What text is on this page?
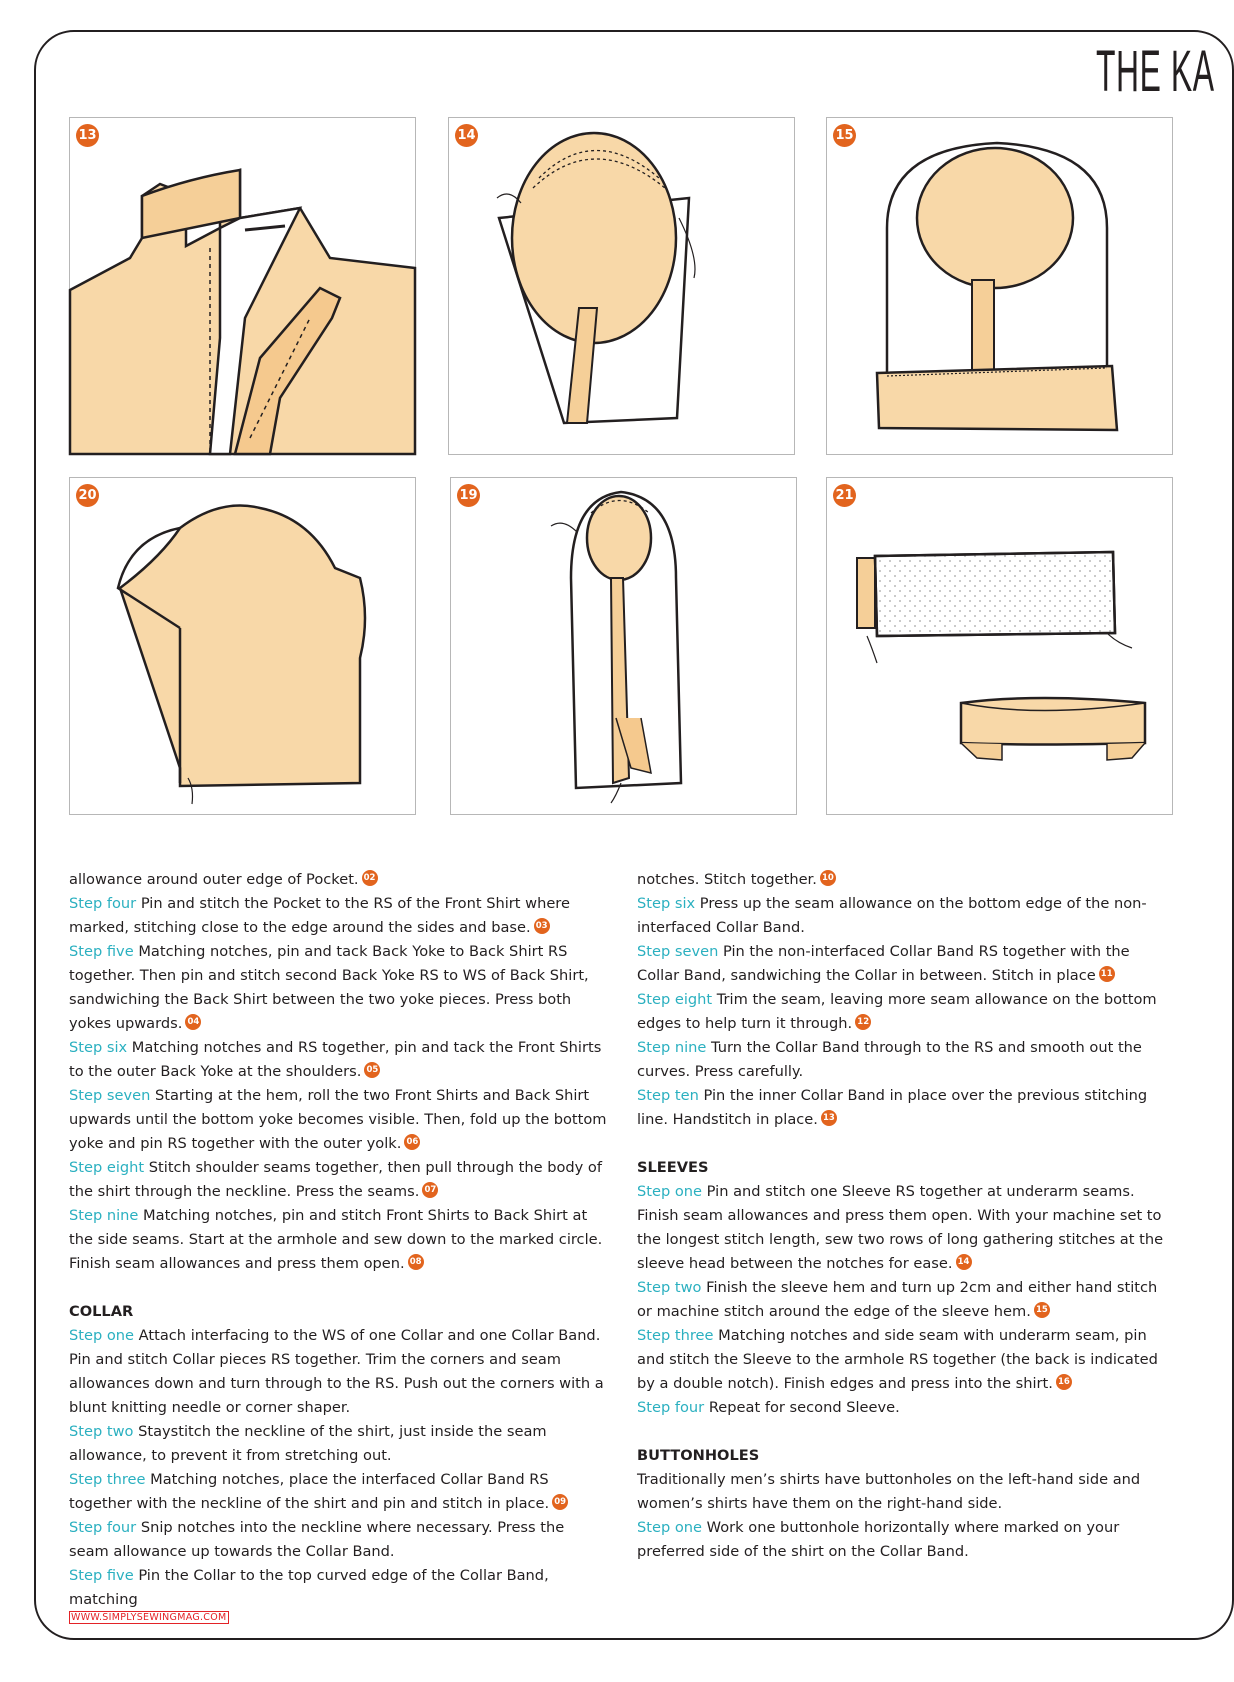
THE KA
13	14	15
20	19	21

allowance around outer edge of Pocket. 02

Step four Pin and stitch the Pocket to the RS of the Front Shirt where marked, stitching close to the edge around the sides and base. 03

Step five Matching notches, pin and tack Back Yoke to Back Shirt RS together. Then pin and stitch second Back Yoke RS to WS of Back Shirt, sandwiching the Back Shirt between the two yoke pieces. Press both yokes upwards. 04

Step six Matching notches and RS together, pin and tack the Front Shirts to the outer Back Yoke at the shoulders. 05

Step seven Starting at the hem, roll the two Front Shirts and Back Shirt upwards until the bottom yoke becomes visible. Then, fold up the bottom yoke and pin RS together with the outer yolk. 06

Step eight Stitch shoulder seams together, then pull through the body of the shirt through the neckline. Press the seams. 07

Step nine Matching notches, pin and stitch Front Shirts to Back Shirt at the side seams. Start at the armhole and sew down to the marked circle. Finish seam allowances and press them open. 08

COLLAR

Step one Attach interfacing to the WS of one Collar and one Collar Band. Pin and stitch Collar pieces RS together. Trim the corners and seam allowances down and turn through to the RS. Push out the corners with a blunt knitting needle or corner shaper.

Step two Staystitch the neckline of the shirt, just inside the seam allowance, to prevent it from stretching out.

Step three Matching notches, place the interfaced Collar Band RS together with the neckline of the shirt and pin and stitch in place. 09

Step four Snip notches into the neckline where necessary. Press the seam allowance up towards the Collar Band.

Step five Pin the Collar to the top curved edge of the Collar Band, matching

notches. Stitch together. 10

Step six Press up the seam allowance on the bottom edge of the non-interfaced Collar Band.

Step seven Pin the non-interfaced Collar Band RS together with the Collar Band, sandwiching the Collar in between. Stitch in place 11

Step eight Trim the seam, leaving more seam allowance on the bottom edges to help turn it through. 12

Step nine Turn the Collar Band through to the RS and smooth out the curves. Press carefully.

Step ten Pin the inner Collar Band in place over the previous stitching line. Handstitch in place. 13

SLEEVES

Step one Pin and stitch one Sleeve RS together at underarm seams. Finish seam allowances and press them open. With your machine set to the longest stitch length, sew two rows of long gathering stitches at the sleeve head between the notches for ease. 14

Step two Finish the sleeve hem and turn up 2cm and either hand stitch or machine stitch around the edge of the sleeve hem. 15

Step three Matching notches and side seam with underarm seam, pin and stitch the Sleeve to the armhole RS together (the back is indicated by a double notch). Finish edges and press into the shirt. 16

Step four Repeat for second Sleeve.

BUTTONHOLES

Traditionally men’s shirts have buttonholes on the left-hand side and women’s shirts have them on the right-hand side.

Step one Work one buttonhole horizontally where marked on your preferred side of the shirt on the Collar Band.

WWW.SIMPLYSEWINGMAG.COM
